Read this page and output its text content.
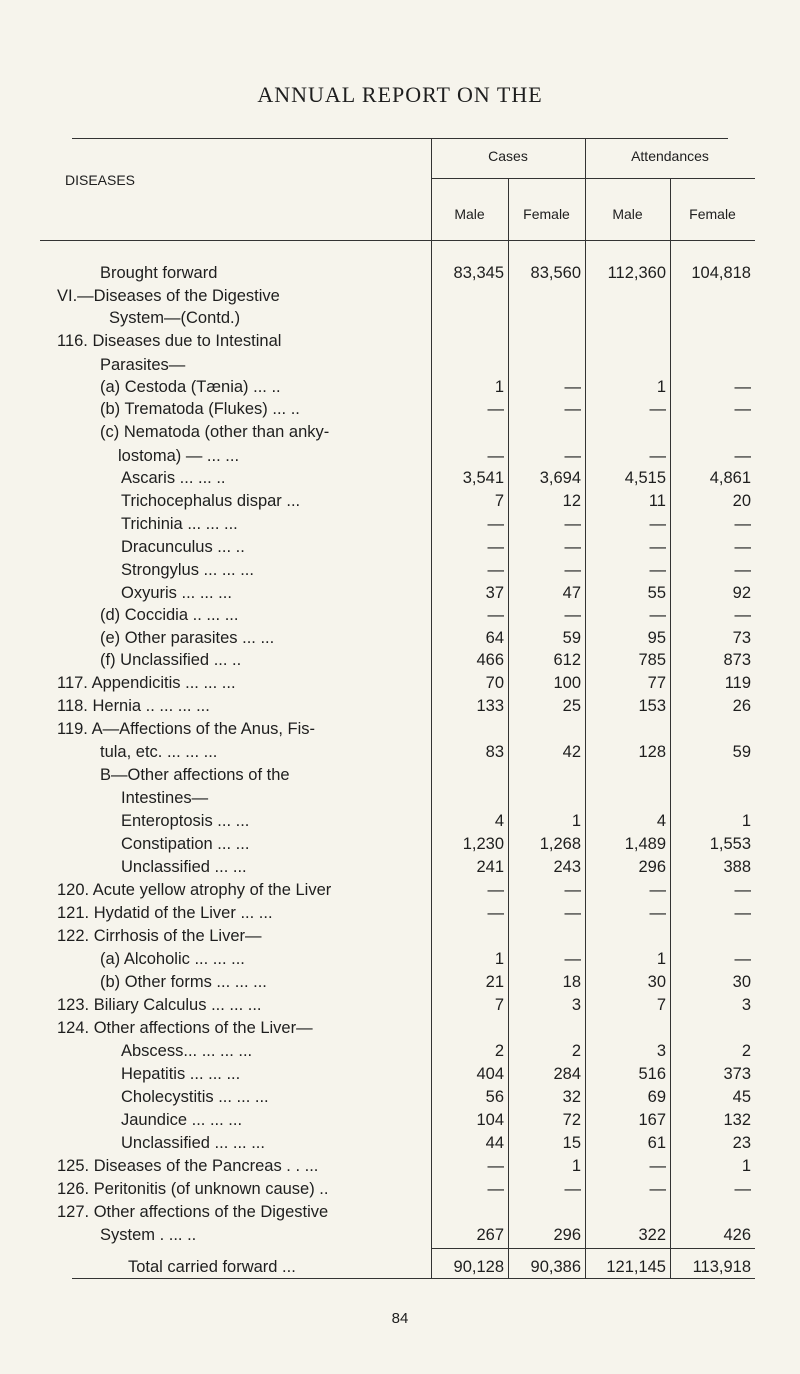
ANNUAL REPORT ON THE
DISEASES
Cases	Attendances
Male	Female	Male	Female
Brought forward	83,345 83,560 112,360 104,818
VI.—Diseases of the Digestive
System—(Contd.)
116. Diseases due to Intestinal
Parasites—
(a) Cestoda (Tænia) ... ..	1	—	1	—
(b) Trematoda (Flukes) ... ..	—	—	—	—
(c) Nematoda (other than anky-
lostoma) — ... ...	—	—	—	—
Ascaris ... ... ..	3,541 3,694	4,515	4,861
Trichocephalus dispar ...	7	12	11	20
Trichinia ... ... ...	—	—	—	—
Dracunculus ... ..	—	—	—	—
Strongylus ... ... ...	—	—	—	—
Oxyuris ... ... ...	37	47	55	92
(d) Coccidia .. ... ...	—	—	—	—
(e) Other parasites ... ...	64	59	95	73
(f) Unclassified ... ..	466	612	785	873
117. Appendicitis ... ... ...	70	100	77	119
118. Hernia .. ... ... ...	133	25	153	26
119. A—Affections of the Anus, Fis-
tula, etc. ... ... ...	83	42	128	59
B—Other affections of the
Intestines—
Enteroptosis ... ...	4	1	4	1
Constipation ... ...	1,230 1,268	1,489	1,553
Unclassified ... ...	241	243	296	388
120. Acute yellow atrophy of the Liver	—	—	—	—
121. Hydatid of the Liver ... ...	—	—	—	—
122. Cirrhosis of the Liver—
(a) Alcoholic ... ... ...	1	—	1	—
(b) Other forms ... ... ...	21	18	30	30
123. Biliary Calculus ... ... ...	7	3	7	3
124. Other affections of the Liver—
Abscess... ... ... ...	2	2	3	2
Hepatitis ... ... ...	404	284	516	373
Cholecystitis ... ... ...	56	32	69	45
Jaundice ... ... ...	104	72	167	132
Unclassified ... ... ...	44	15	61	23
125. Diseases of the Pancreas . . ...	—	1	—	1
126. Peritonitis (of unknown cause) ..	—	—	—	—
127. Other affections of the Digestive
System . ... ..	267	296	322	426
Total carried forward ...	90,128 90,386 121,145 113,918
84
